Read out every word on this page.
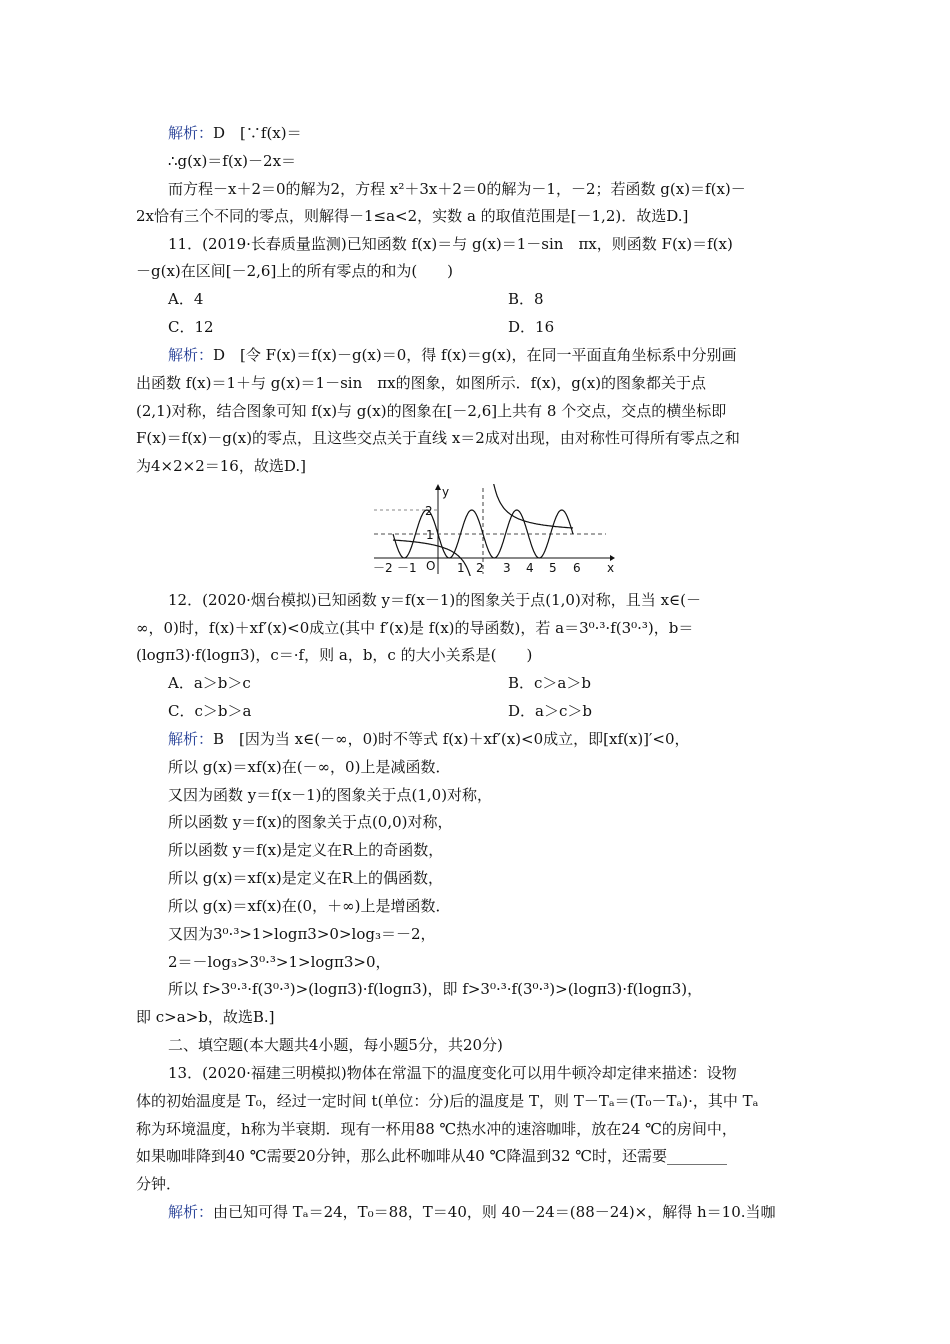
解析：D　[∵f(x)＝
∴g(x)＝f(x)－2x＝
而方程－x＋2＝0的解为2，方程 x²＋3x＋2＝0的解为－1，－2；若函数 g(x)＝f(x)－
2x恰有三个不同的零点，则解得－1≤a<2，实数 a 的取值范围是[－1,2)．故选D.]
11．(2019·长春质量监测)已知函数 f(x)＝与 g(x)＝1－sin　πx，则函数 F(x)＝f(x)
－g(x)在区间[－2,6]上的所有零点的和为(　　)
A．4	B．8
C．12	D．16
解析：D　[令 F(x)＝f(x)－g(x)＝0，得 f(x)＝g(x)，在同一平面直角坐标系中分别画
出函数 f(x)＝1＋与 g(x)＝1－sin　πx的图象，如图所示．f(x)，g(x)的图象都关于点
(2,1)对称，结合图象可知 f(x)与 g(x)的图象在[－2,6]上共有 8 个交点，交点的横坐标即
F(x)＝f(x)－g(x)的零点，且这些交点关于直线 x＝2成对出现，由对称性可得所有零点之和
为4×2×2＝16，故选D.]
y
x
O
2
1
－2 －1	1 2 3 4 5 6
12．(2020·烟台模拟)已知函数 y＝f(x－1)的图象关于点(1,0)对称，且当 x∈(－
∞，0)时，f(x)＋xf′(x)<0成立(其中 f′(x)是 f(x)的导函数)，若 a＝3⁰·³·f(3⁰·³)，b＝
(logπ3)·f(logπ3)，c＝·f，则 a，b，c 的大小关系是(　　)
A．a＞b＞c	B．c＞a＞b
C．c＞b＞a	D．a＞c＞b
解析：B　[因为当 x∈(－∞，0)时不等式 f(x)＋xf′(x)<0成立，即[xf(x)]′<0，
所以 g(x)＝xf(x)在(－∞，0)上是减函数．
又因为函数 y＝f(x－1)的图象关于点(1,0)对称，
所以函数 y＝f(x)的图象关于点(0,0)对称，
所以函数 y＝f(x)是定义在R上的奇函数，
所以 g(x)＝xf(x)是定义在R上的偶函数，
所以 g(x)＝xf(x)在(0，＋∞)上是增函数．
又因为3⁰·³>1>logπ3>0>log₃＝－2，
2＝－log₃>3⁰·³>1>logπ3>0，
所以 f>3⁰·³·f(3⁰·³)>(logπ3)·f(logπ3)，即 f>3⁰·³·f(3⁰·³)>(logπ3)·f(logπ3)，
即 c>a>b，故选B.]
二、填空题(本大题共4小题，每小题5分，共20分)
13．(2020·福建三明模拟)物体在常温下的温度变化可以用牛顿冷却定律来描述：设物
体的初始温度是 T₀，经过一定时间 t(单位：分)后的温度是 T，则 T－Tₐ＝(T₀－Tₐ)·，其中 Tₐ
称为环境温度，h称为半衰期．现有一杯用88 ℃热水冲的速溶咖啡，放在24 ℃的房间中，
如果咖啡降到40 ℃需要20分钟，那么此杯咖啡从40 ℃降温到32 ℃时，还需要________
分钟．
解析：由已知可得 Tₐ＝24，T₀＝88，T＝40，则 40－24＝(88－24)×，解得 h＝10.当咖
